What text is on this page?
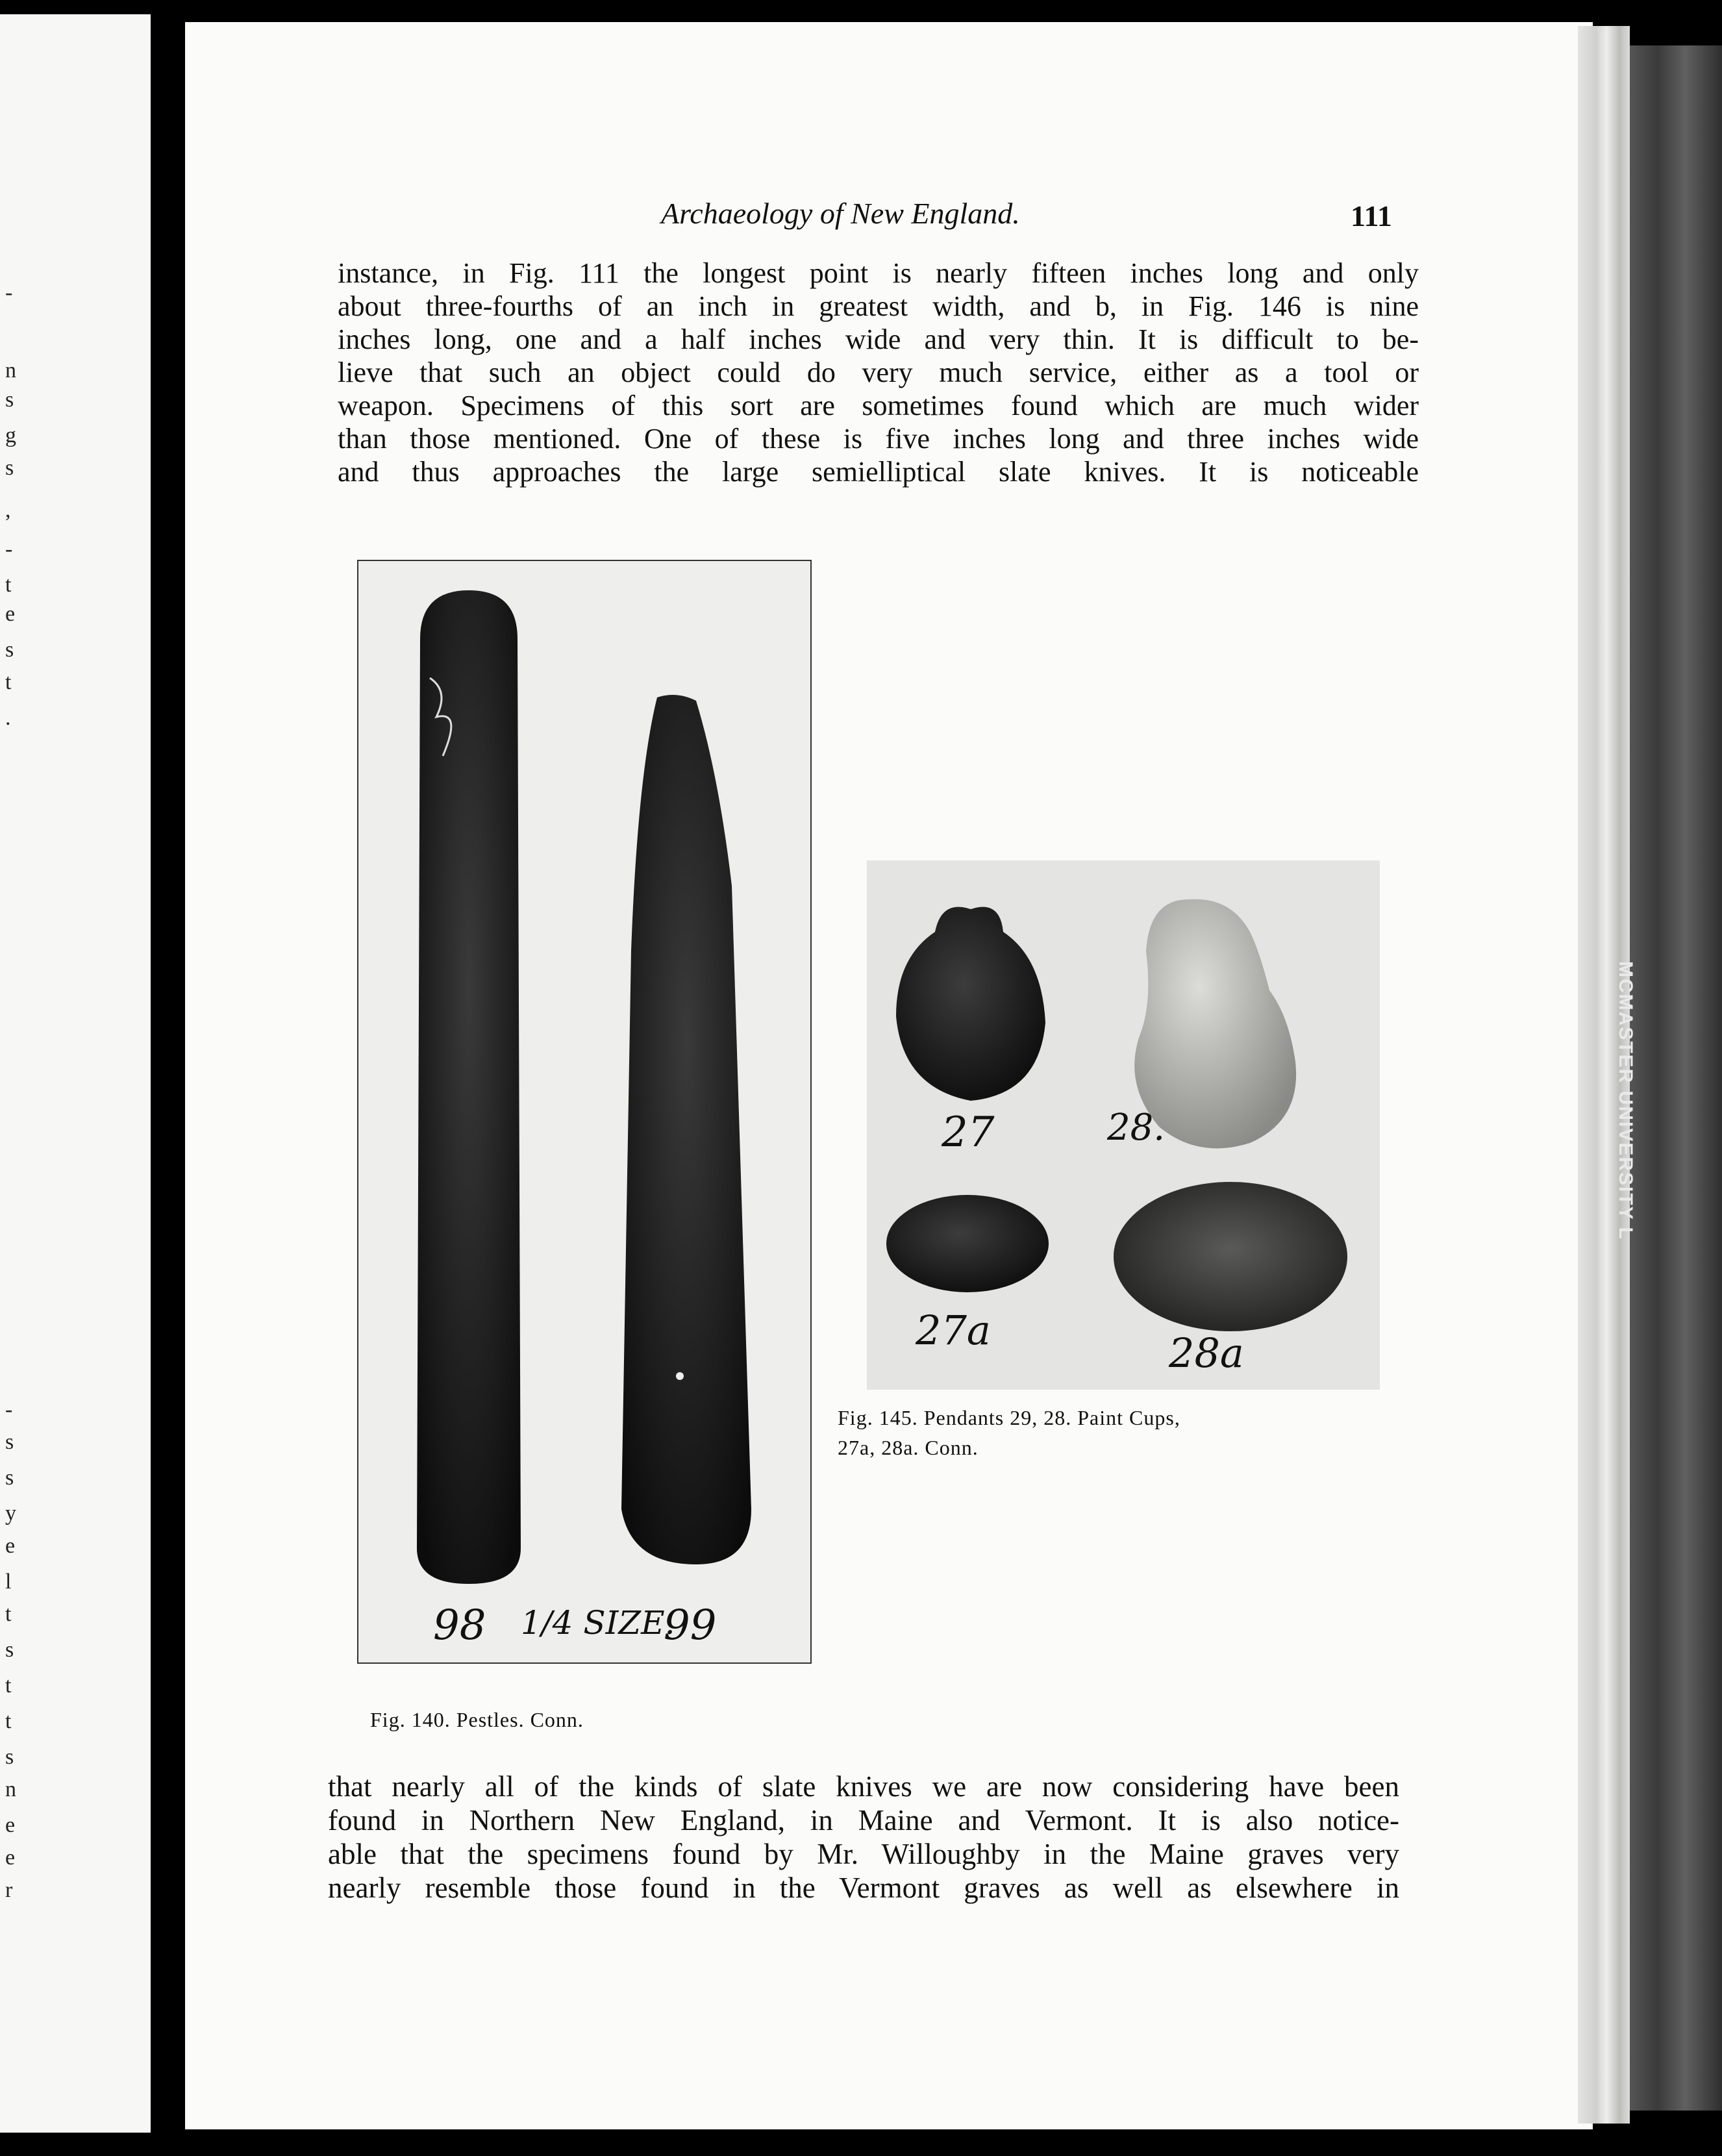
-
n
s
g
s
,
-
t
e
s
t
.
-
s
s
y
e
l
t
s
t
t
s
n
e
e
r
MCMASTER UNIVERSITY L
Archaeology of New England.	111
instance, in Fig. 111 the longest point is nearly fifteen inches long and only
about three-fourths of an inch in greatest width, and b, in Fig. 146 is nine
inches long, one and a half inches wide and very thin. It is difficult to be-
lieve that such an object could do very much service, either as a tool or
weapon. Specimens of this sort are sometimes found which are much wider
than those mentioned. One of these is five inches long and three inches wide
and thus approaches the large semielliptical slate knives. It is noticeable
98 1/4 SIZE.
99
Fig. 140. Pestles. Conn.
27	28.
27a	28a
Fig. 145. Pendants 29, 28. Paint Cups,
27a, 28a. Conn.
that nearly all of the kinds of slate knives we are now considering have been
found in Northern New England, in Maine and Vermont. It is also notice-
able that the specimens found by Mr. Willoughby in the Maine graves very
nearly resemble those found in the Vermont graves as well as elsewhere in
